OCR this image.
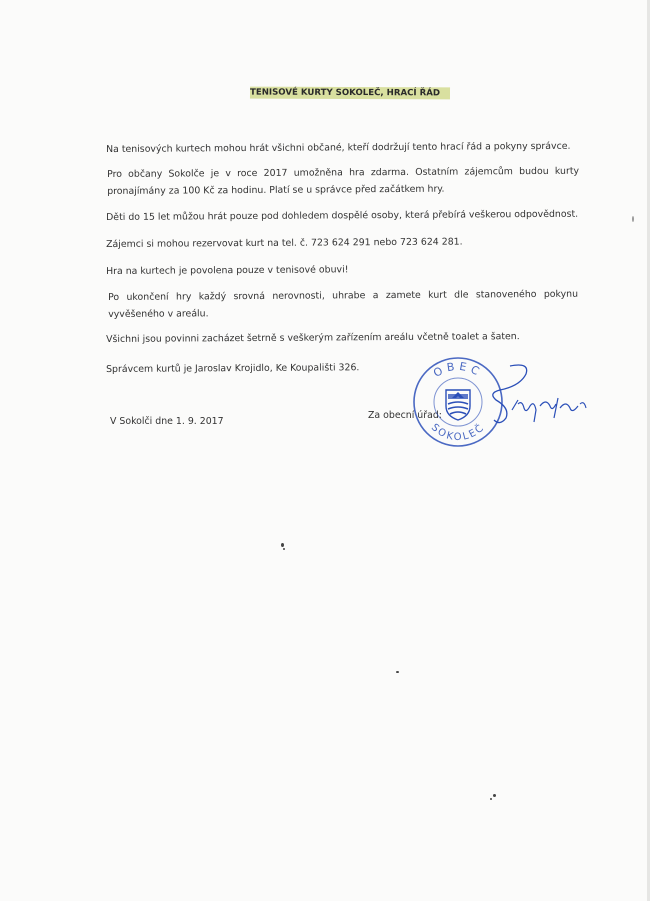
TENISOVÉ KURTY SOKOLEČ, HRACÍ ŘÁD
Na tenisových kurtech mohou hrát všichni občané, kteří dodržují tento hrací řád a pokyny správce.
Pro občany Sokolče je v roce 2017 umožněna hra zdarma. Ostatním zájemcům budou kurty pronajímány za 100 Kč za hodinu. Platí se u správce před začátkem hry.
Děti do 15 let můžou hrát pouze pod dohledem dospělé osoby, která přebírá veškerou odpovědnost.
Zájemci si mohou rezervovat kurt na tel. č. 723 624 291 nebo 723 624 281.
Hra na kurtech je povolena pouze v tenisové obuvi!
Po ukončení hry každý srovná nerovnosti, uhrabe a zamete kurt dle stanoveného pokynu vyvěšeného v areálu.
Všichni jsou povinni zacházet šetrně s veškerým zařízením areálu včetně toalet a šaten.
Správcem kurtů je Jaroslav Krojidlo, Ke Koupališti 326.
V Sokolči dne 1. 9. 2017
Za obecní úřad:
OBEC
SOKOLEČ
